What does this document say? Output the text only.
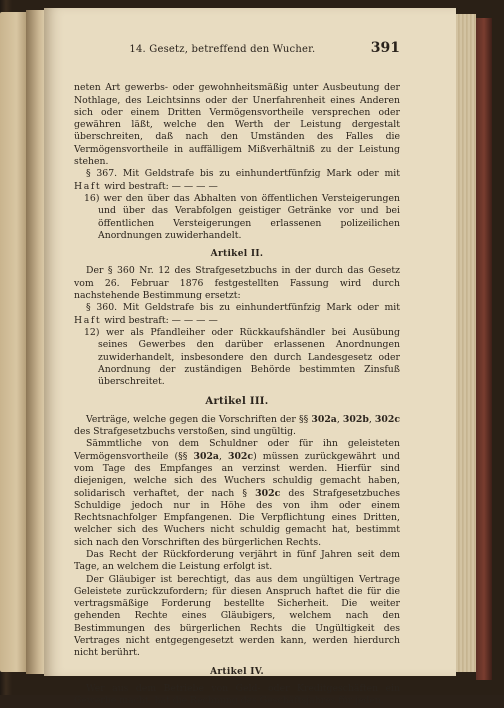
14. Gesetz, betreffend den Wucher.	391

neten Art gewerbs- oder gewohnheitsmäßig unter Ausbeutung der Nothlage, des Leichtsinns oder der Unerfahrenheit eines Anderen sich oder einem Dritten Vermögensvortheile versprechen oder gewähren läßt, welche den Werth der Leistung dergestalt überschreiten, daß nach den Umständen des Falles die Vermögensvortheile in auffälligem Mißverhältniß zu der Leistung stehen.

§ 367. Mit Geldstrafe bis zu einhundertfünfzig Mark oder mit Haft wird bestraft: — — — —

16) wer den über das Abhalten von öffentlichen Versteigerungen und über das Verabfolgen geistiger Getränke vor und bei öffentlichen Versteigerungen erlassenen polizeilichen Anordnungen zuwiderhandelt.

Artikel II.

Der § 360 Nr. 12 des Strafgesetzbuchs in der durch das Gesetz vom 26. Februar 1876 festgestellten Fassung wird durch nachstehende Bestimmung ersetzt:

§ 360. Mit Geldstrafe bis zu einhundertfünfzig Mark oder mit Haft wird bestraft: — — — —

12) wer als Pfandleiher oder Rückkaufshändler bei Ausübung seines Gewerbes den darüber erlassenen Anordnungen zuwiderhandelt, insbesondere den durch Landesgesetz oder Anordnung der zuständigen Behörde bestimmten Zinsfuß überschreitet.

Artikel III.

Verträge, welche gegen die Vorschriften der §§ 302a, 302b, 302c des Strafgesetzbuchs verstoßen, sind ungültig.

Sämmtliche von dem Schuldner oder für ihn geleisteten Vermögensvortheile (§§ 302a, 302c) müssen zurückgewährt und vom Tage des Empfanges an verzinst werden. Hierfür sind diejenigen, welche sich des Wuchers schuldig gemacht haben, solidarisch verhaftet, der nach § 302c des Strafgesetzbuches Schuldige jedoch nur in Höhe des von ihm oder einem Rechtsnachfolger Empfangenen. Die Verpflichtung eines Dritten, welcher sich des Wuchers nicht schuldig gemacht hat, bestimmt sich nach den Vorschriften des bürgerlichen Rechts.

Das Recht der Rückforderung verjährt in fünf Jahren seit dem Tage, an welchem die Leistung erfolgt ist.

Der Gläubiger ist berechtigt, das aus dem ungültigen Vertrage Geleistete zurückzufordern; für diesen Anspruch haftet die für die vertragsmäßige Forderung bestellte Sicherheit. Die weiter gehenden Rechte eines Gläubigers, welchem nach den Bestimmungen des bürgerlichen Rechts die Ungültigkeit des Vertrages nicht entgegengesetzt werden kann, werden hierdurch nicht berührt.

Artikel IV.

Wer aus dem Betriebe von Geld- oder Kreditgeschäften ein Gewerbe macht, hat die Rechnung des Geschäftsjahres für jeden,
